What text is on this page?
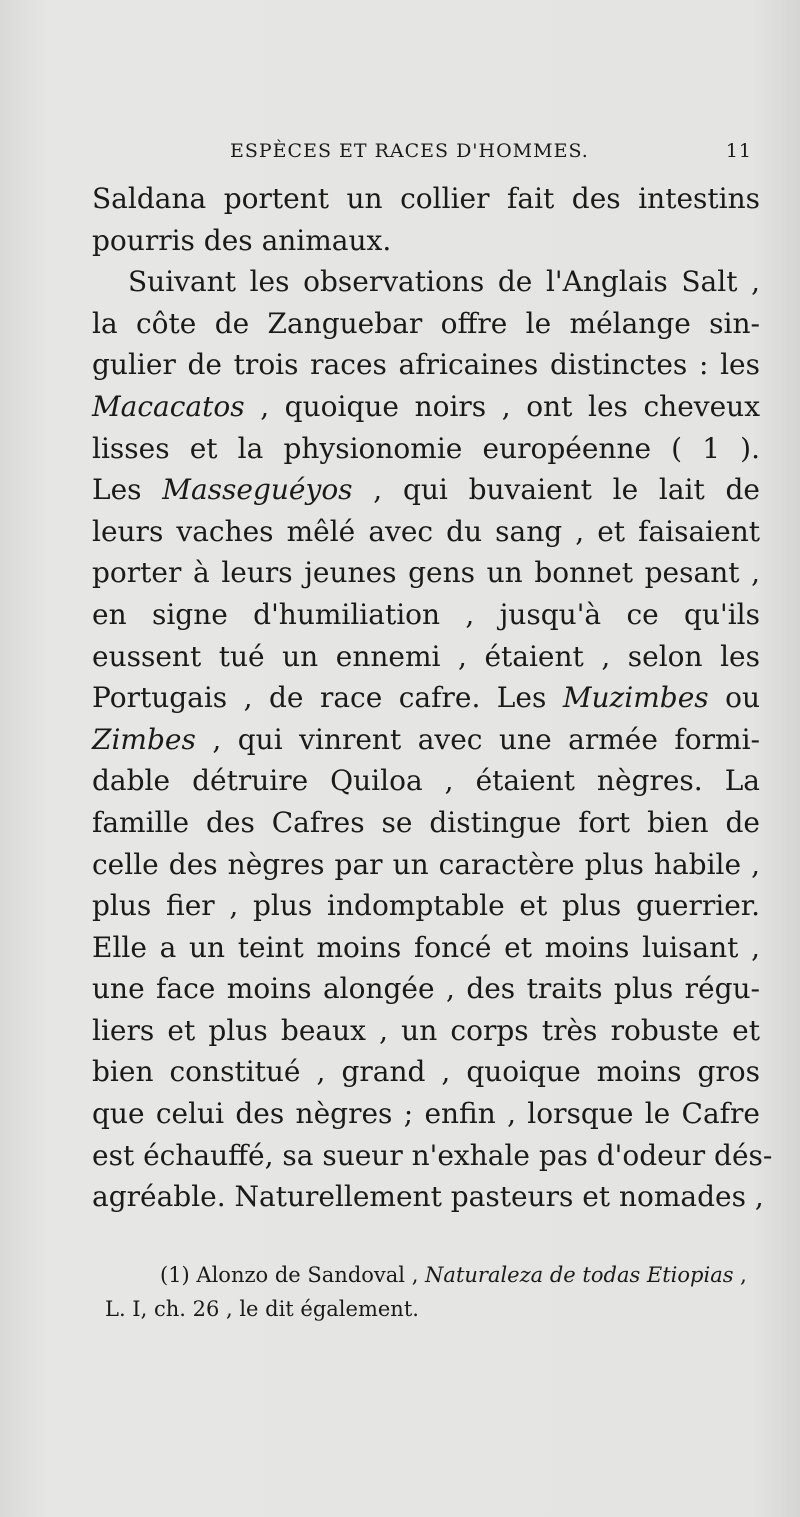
ESPÈCES ET RACES D'HOMMES.	11
Saldana portent un collier fait des intestins
pourris des animaux.
Suivant les observations de l'Anglais Salt ,
la côte de Zanguebar offre le mélange sin-
gulier de trois races africaines distinctes : les
Macacatos , quoique noirs , ont les cheveux
lisses et la physionomie européenne ( 1 ).
Les Masseguéyos , qui buvaient le lait de
leurs vaches mêlé avec du sang , et faisaient
porter à leurs jeunes gens un bonnet pesant ,
en signe d'humiliation , jusqu'à ce qu'ils
eussent tué un ennemi , étaient , selon les
Portugais , de race cafre. Les Muzimbes ou
Zimbes , qui vinrent avec une armée formi-
dable détruire Quiloa , étaient nègres. La
famille des Cafres se distingue fort bien de
celle des nègres par un caractère plus habile ,
plus fier , plus indomptable et plus guerrier.
Elle a un teint moins foncé et moins luisant ,
une face moins alongée , des traits plus régu-
liers et plus beaux , un corps très robuste et
bien constitué , grand , quoique moins gros
que celui des nègres ; enfin , lorsque le Cafre
est échauffé, sa sueur n'exhale pas d'odeur dés-
agréable. Naturellement pasteurs et nomades ,
(1) Alonzo de Sandoval , Naturaleza de todas Etiopias ,
L. I, ch. 26 , le dit également.
